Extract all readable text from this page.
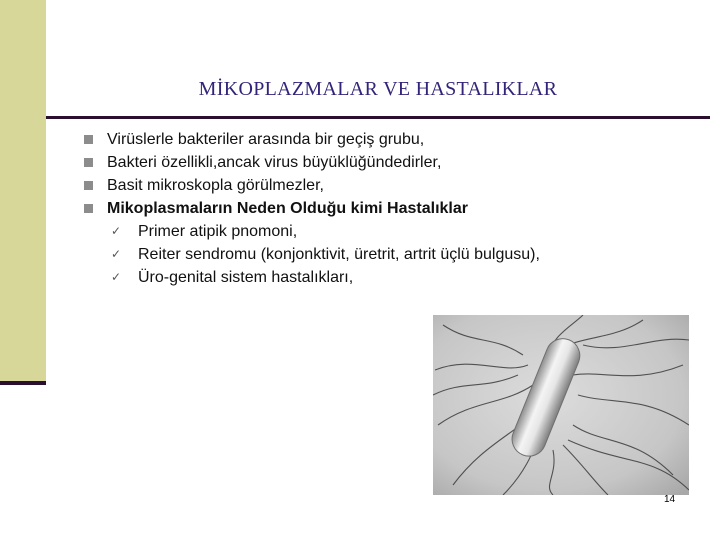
MİKOPLAZMALAR VE HASTALIKLAR
Virüslerle bakteriler arasında bir geçiş grubu,
Bakteri özellikli,ancak virus büyüklüğündedirler,
Basit mikroskopla görülmezler,
Mikoplasmaların Neden Olduğu kimi Hastalıklar
✓ Primer atipik pnomoni,
✓ Reiter sendromu (konjonktivit, üretrit, artrit üçlü bulgusu),
✓ Üro-genital sistem hastalıkları,
14
